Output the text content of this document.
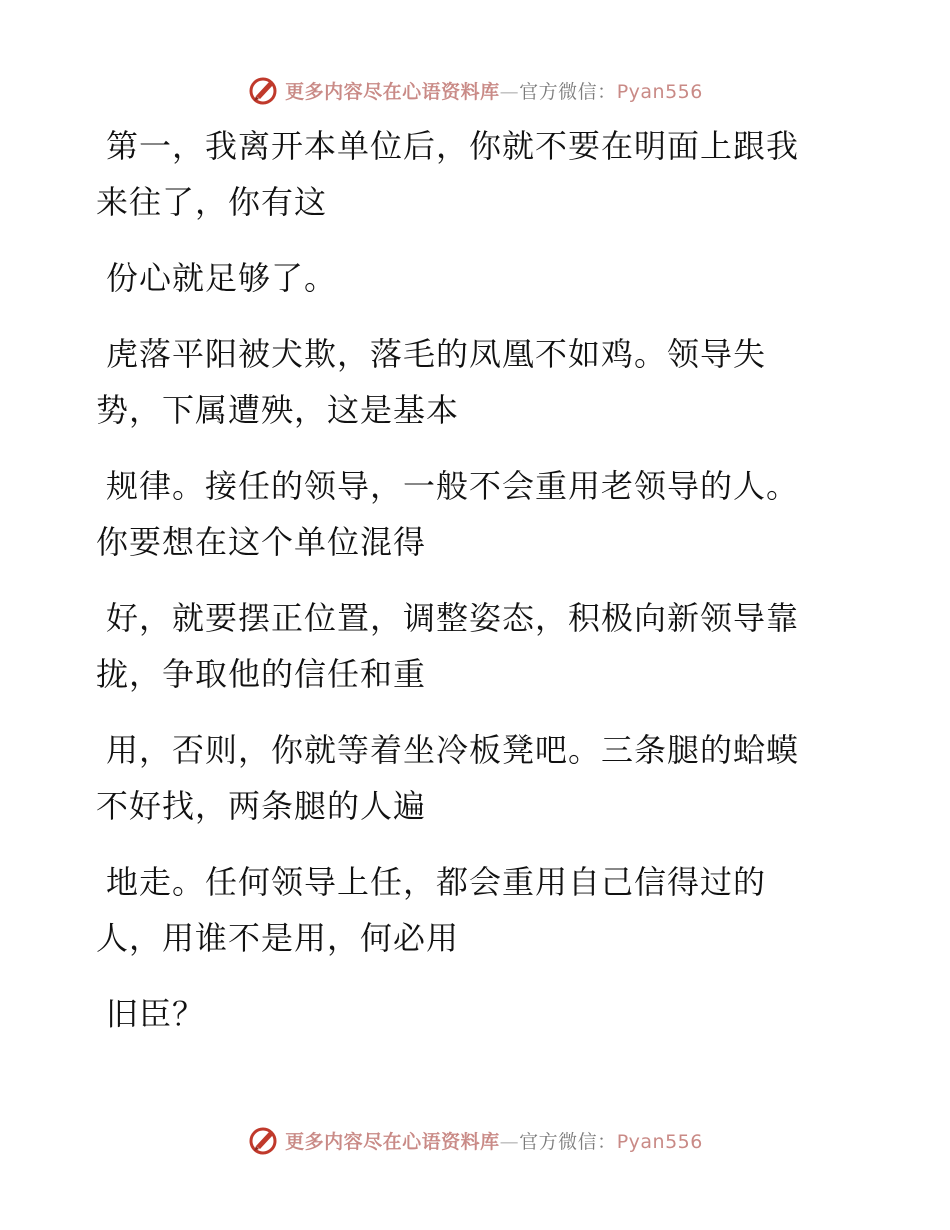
更多内容尽在心语资料库—官方微信：Pyan556

第一，我离开本单位后，你就不要在明面上跟我
来往了，你有这

份心就足够了。

虎落平阳被犬欺，落毛的凤凰不如鸡。领导失
势，下属遭殃，这是基本

规律。接任的领导，一般不会重用老领导的人。
你要想在这个单位混得

好，就要摆正位置，调整姿态，积极向新领导靠
拢，争取他的信任和重

用，否则，你就等着坐冷板凳吧。三条腿的蛤蟆
不好找，两条腿的人遍

地走。任何领导上任，都会重用自己信得过的
人，用谁不是用，何必用

旧臣？

更多内容尽在心语资料库—官方微信：Pyan556
